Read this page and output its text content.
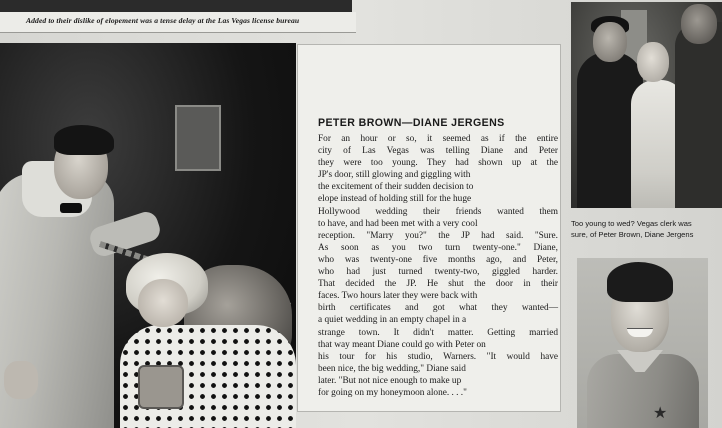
Added to their dislike of elopement was a tense delay at the Las Vegas license bureau
PETER BROWN—DIANE JERGENS
For an hour or so, it seemed as if the entire
city of Las Vegas was telling Diane and Peter
they were too young. They had shown up at the
JP's door, still glowing and giggling with
the excitement of their sudden decision to
elope instead of holding still for the huge
Hollywood wedding their friends wanted them
to have, and had been met with a very cool
reception. "Marry you?" the JP had said. "Sure.
As soon as you two turn twenty-one." Diane,
who was twenty-one five months ago, and Peter,
who had just turned twenty-two, giggled harder.
That decided the JP. He shut the door in their
faces. Two hours later they were back with
birth certificates and got what they wanted—
a quiet wedding in an empty chapel in a
strange town. It didn't matter. Getting married
that way meant Diane could go with Peter on
his tour for his studio, Warners. "It would have
been nice, the big wedding," Diane said
later. "But not nice enough to make up
for going on my honeymoon alone. . . ."
Too young to wed? Vegas clerk was
sure, of Peter Brown, Diane Jergens
